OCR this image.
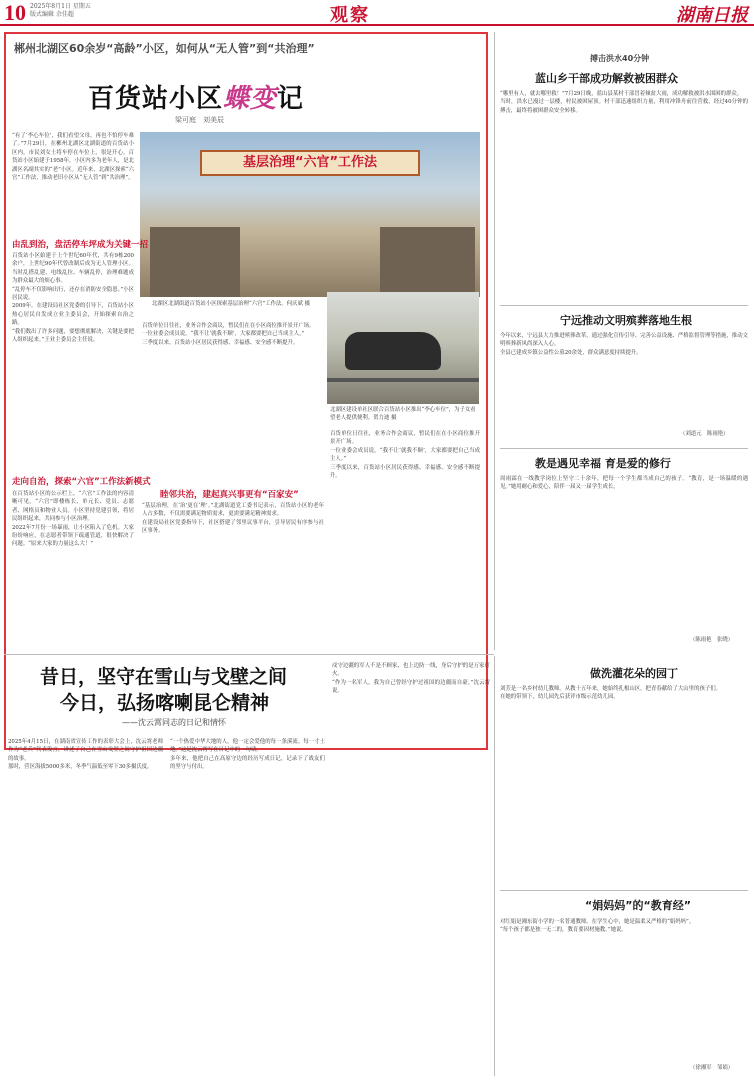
10 2025年8月1日 星期五
版式编辑 余佳超	观察	湖南日报
郴州北湖区60余岁“高龄”小区，如何从“无人管”到“共治理”
百货站小区蝶变记
梁可庭　刘美辰
基层治理“六官”工作法
北湖区北湖街道百货站小区探索基层治理“六官”工作法。何庆斌 摄
“有了‘李心车位’，我们看望父母，再也不怕停车难了。”7月29日，在郴州北湖区北湖街道的百货站小区内，市民刘女士将车停在车位上，很是开心。百货站小区始建于1958年，小区内多为老年人，是北湖区名副其实的“老”小区。近年来，北湖区探索“六官”工作法，推动老旧小区从“无人管”到“共治理”。
由乱到治，盘活停车坪成为关键一招
百货站小区始建于上个世纪60年代，共有9栋200余户，上世纪90年代曾改制后成为无人管理小区。当时乱搭乱建、电线乱拉、车辆乱停，治理难题成为群众最大的烦心事。
“乱停车不仅影响出行，还存在消防安全隐患。”小区居民说。
2009年，在建设局社区党委的引导下，百货站小区热心居民自发成立业主委员会，开始探索自治之路。
“我们数出了许多问题，要想彻底解决，关键是要把人组织起来。”王业主委员会主任说。
走向自治，探索“六官”工作法新模式
在百货站小区的公示栏上，“六官”工作法的内容清晰可见。“六官”即楼栋长、单元长、党员、志愿者、网格员和物业人员。小区坚持党建引领，将居民组织起来，共同参与小区治理。
2022年7月份一场暴雨，让小区陷入了危机。大家纷纷响应，在志愿者带领下疏通管道，很快解决了问题。“原来大家的力量这么大！”
百货单位日往社，业务合作会商议，暂民们在在小区商位推开景开广场。
一位业委会成员说，“我不让‘就我不顺’，大家都要把自己当成主人。”
三季度以来，百货站小区居民获得感、幸福感、安全感不断提升。
睦邻共治，建起真兴事更有“百家安”
“基层治理，在‘治’更在‘理’。”北湖街道党工委书记表示，百货站小区的老年人占多数，不仅需要满足物质需求，更需要满足精神需求。
在建设局社区党委指导下，社区搭建了邻里议事平台，引导居民有序参与社区事务。
北湖区建设单社区联合百货站小区推出“李心车位”，为子女看望老人提供便利。贺力迪 摄
百货单位日往社，业务合作会商议，暂民们在在小区商位推开景开广场。
一位业委会成员说，“我不让‘就我不顺’，大家都要把自己当成主人。”
三季度以来，百货站小区居民获得感、幸福感、安全感不断提升。
搏击洪水40分钟
蓝山乡干部成功解救被困群众
“哪里有人，就去哪里救！”7月29日晚，蓝山县某村干部冒着倾盆大雨，成功解救被洪水围困的群众。
当时，洪水已漫过一层楼，村民被困屋顶。村干部迅速组织力量，利用冲锋舟前往营救，经过40分钟的搏击，最终将被困群众安全转移。
宁远推动文明殡葬落地生根
今年以来，宁远县大力推进殡葬改革，通过强化宣传引导、完善公益设施、严格监督管理等措施，推动文明殡葬新风尚深入人心。
全县已建成乡镇公益性公墓20余处，群众满意度持续提升。
（刘道元　陈雨艳）
教是遇见幸福 育是爱的修行
周雨霖在一线教学岗位上坚守二十余年，把每一个学生都当成自己的孩子。“教育，是一场温暖的遇见。”她用耐心和爱心，陪伴一届又一届学生成长。
（陈雨艳　张晓）
昔日，坚守在雪山与戈壁之间
今日，弘扬喀喇昆仑精神
——沈云霄同志的日记和情怀
2025年4月15日，在湖南省宣传工作的表彰大会上，沈云霄老师作为“老兵”代表发言，讲述了自己在雪山戈壁之间守护祖国边疆的故事。
那时，营区海拔5000多米，冬季气温低至零下30多摄氏度。
“一个热爱中华大地的人，他一定会爱他的每一条溪流、每一寸土地。”这是沈云霄写在日记中的一句话。
多年来，他把自己在高原守边的经历写成日记，记录下了战友们的坚守与付出。
戍守边疆的军人不是不顾家，也上边防一线，身后守护的是万家灯火。
“作为一名军人，我为自己曾经守护过祖国的边疆而自豪。”沈云霄说。
做洗灌花朵的园丁
刘芳是一名乡村幼儿教师。从教十五年来，她始终扎根山区，把青春献给了大山里的孩子们。
在她的带领下，幼儿园先后获评市级示范幼儿园。
“娟妈妈”的“教育经”
对红娟是湘东街小学的一名普通教师。在学生心中，她是温柔又严格的“娟妈妈”。
“每个孩子都是独一无二的，教育要因材施教。”她说。
（徐湘军　邹娟）
